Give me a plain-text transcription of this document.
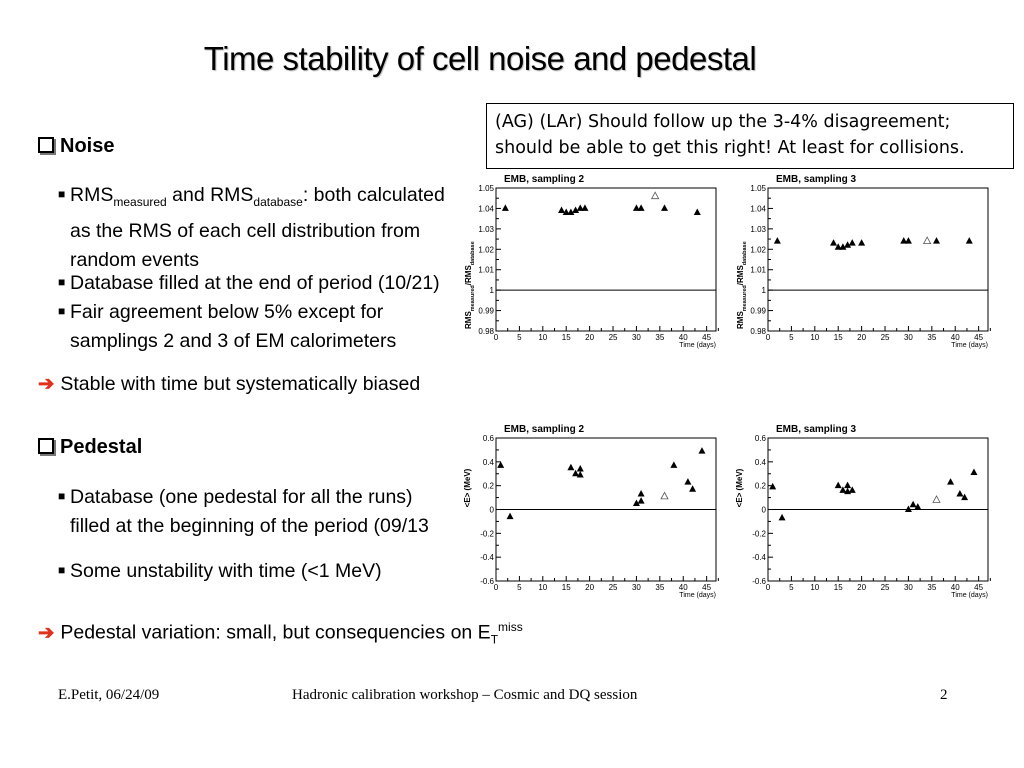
Time stability of cell noise and pedestal
(AG) (LAr) Should follow up the 3-4% disagreement;
should be able to get this right! At least for collisions.
Noise
■ $RMS_{measured}$ and $RMS_{database}$: both calculated
as the RMS of each cell distribution from
random events
■ Database filled at the end of period (10/21)
■ Fair agreement below 5% except for
samplings 2 and 3 of EM calorimeters
➔ Stable with time but systematically biased
Pedestal
■ Database (one pedestal for all the runs)
filled at the beginning of the period (09/13
■ Some unstability with time (<1 MeV)
➔ Pedestal variation: small, but consequencies on $E_T^{miss}$
EMB, sampling 2
0.98
0.99
1
1.01
1.02
1.03
1.04
1.05
0 5 10 15 20 25 30 35 40 45
Time (days)
$RMS_{measured}/RMS_{database}$
EMB, sampling 3
0.98
0.99
1
1.01
1.02
1.03
1.04
1.05
0 5 10 15 20 25 30 35 40 45
Time (days)
$RMS_{measured}/RMS_{database}$
EMB, sampling 2
-0.6
-0.4
-0.2
0
0.2
0.4
0.6
0 5 10 15 20 25 30 35 40 45
Time (days)
<E> (MeV)
EMB, sampling 3
-0.6
-0.4
-0.2
0
0.2
0.4
0.6
0 5 10 15 20 25 30 35 40 45
Time (days)
<E> (MeV)
E.Petit, 06/24/09	Hadronic calibration workshop – Cosmic and DQ session	2
